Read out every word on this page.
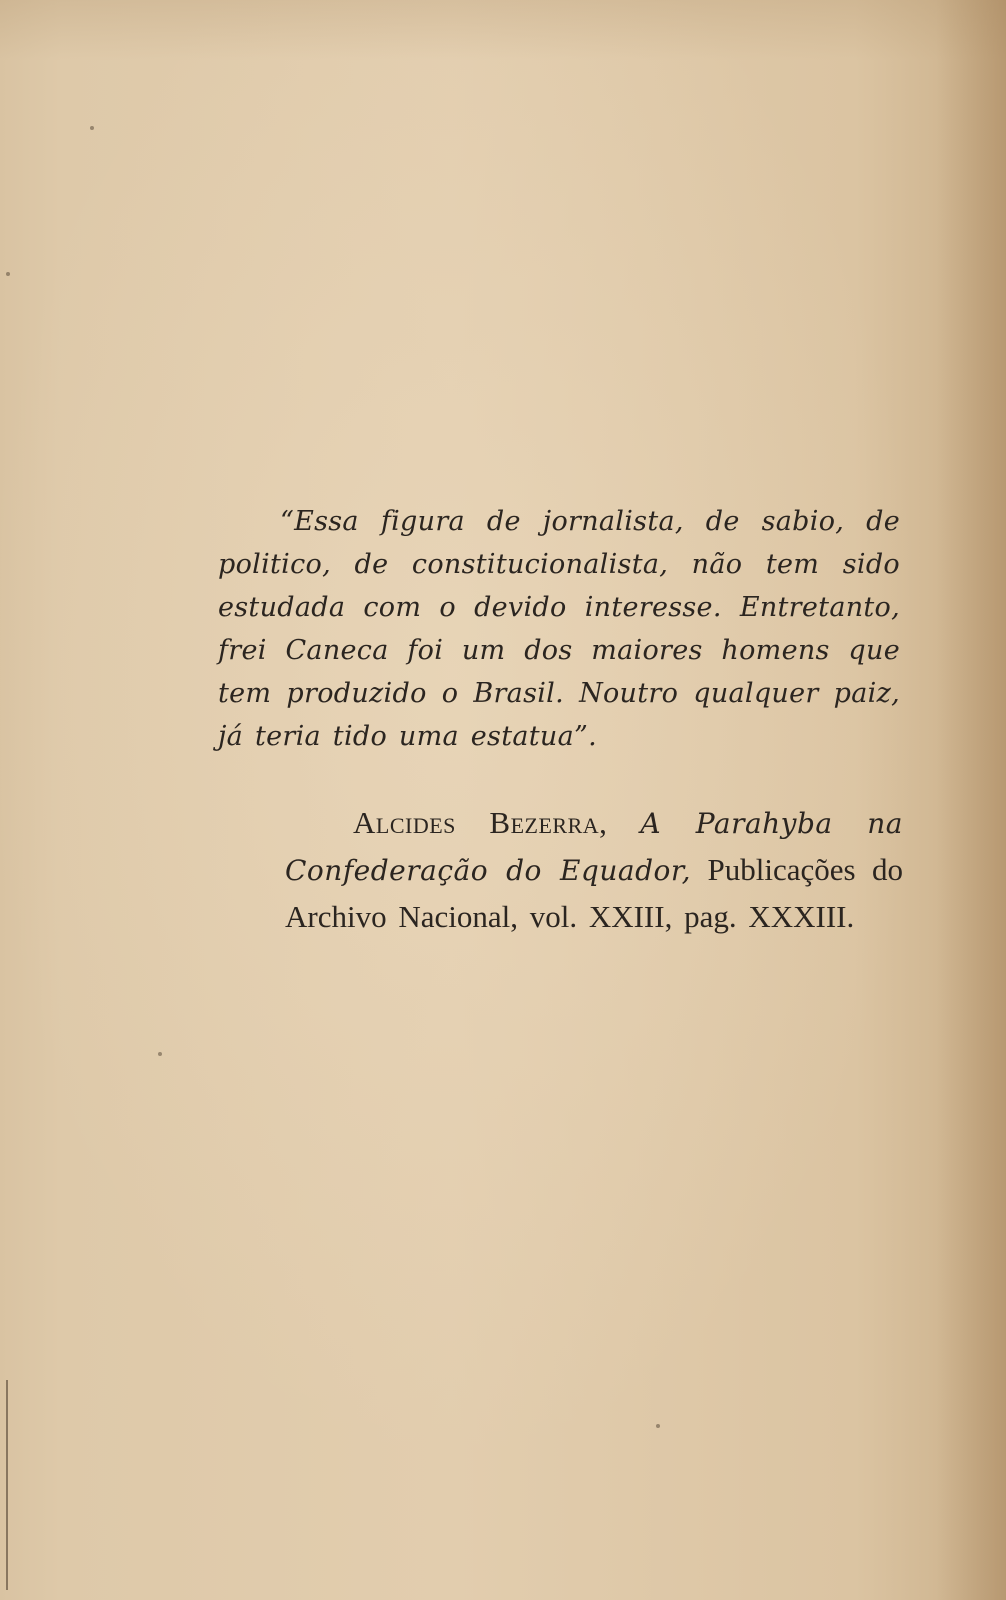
“Essa figura de jornalista, de sabio, de politico, de constitucionalista, não tem sido estudada com o devido interesse. Entretanto, frei Caneca foi um dos maiores homens que tem produzido o Brasil. Noutro qualquer paiz, já teria tido uma estatua”.

Alcides Bezerra, A Parahyba na Confederação do Equador, Publicações do Archivo Nacional, vol. XXIII, pag. XXXIII.
